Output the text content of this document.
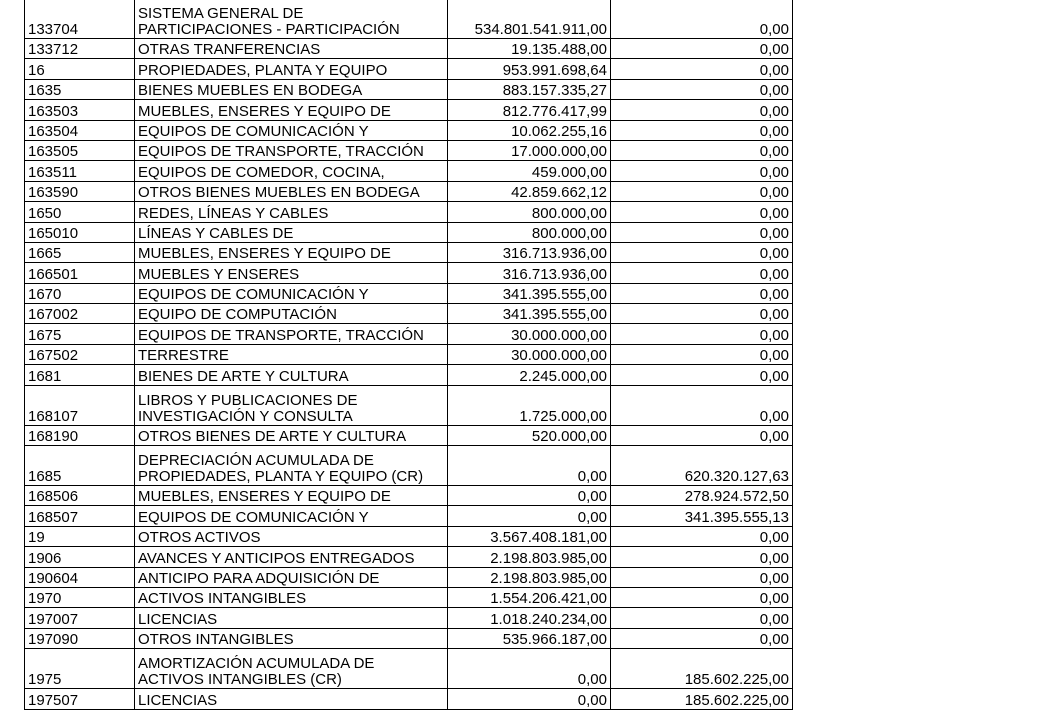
133704	SISTEMA GENERAL DE
PARTICIPACIONES - PARTICIPACIÓN	534.801.541.911,00	0,00
133712	OTRAS TRANFERENCIAS	19.135.488,00	0,00
16	PROPIEDADES, PLANTA Y EQUIPO	953.991.698,64	0,00
1635	BIENES MUEBLES EN BODEGA	883.157.335,27	0,00
163503	MUEBLES, ENSERES Y EQUIPO DE	812.776.417,99	0,00
163504	EQUIPOS DE COMUNICACIÓN Y	10.062.255,16	0,00
163505	EQUIPOS DE TRANSPORTE, TRACCIÓN	17.000.000,00	0,00
163511	EQUIPOS DE COMEDOR, COCINA,	459.000,00	0,00
163590	OTROS BIENES MUEBLES EN BODEGA	42.859.662,12	0,00
1650	REDES, LÍNEAS Y CABLES	800.000,00	0,00
165010	LÍNEAS Y CABLES DE	800.000,00	0,00
1665	MUEBLES, ENSERES Y EQUIPO DE	316.713.936,00	0,00
166501	MUEBLES Y ENSERES	316.713.936,00	0,00
1670	EQUIPOS DE COMUNICACIÓN Y	341.395.555,00	0,00
167002	EQUIPO DE COMPUTACIÓN	341.395.555,00	0,00
1675	EQUIPOS DE TRANSPORTE, TRACCIÓN	30.000.000,00	0,00
167502	TERRESTRE	30.000.000,00	0,00
1681	BIENES DE ARTE Y CULTURA	2.245.000,00	0,00
168107	LIBROS Y PUBLICACIONES DE
INVESTIGACIÓN Y CONSULTA	1.725.000,00	0,00
168190	OTROS BIENES DE ARTE Y CULTURA	520.000,00	0,00
1685	DEPRECIACIÓN ACUMULADA DE
PROPIEDADES, PLANTA Y EQUIPO (CR)	0,00	620.320.127,63
168506	MUEBLES, ENSERES Y EQUIPO DE	0,00	278.924.572,50
168507	EQUIPOS DE COMUNICACIÓN Y	0,00	341.395.555,13
19	OTROS ACTIVOS	3.567.408.181,00	0,00
1906	AVANCES Y ANTICIPOS ENTREGADOS	2.198.803.985,00	0,00
190604	ANTICIPO PARA ADQUISICIÓN DE	2.198.803.985,00	0,00
1970	ACTIVOS INTANGIBLES	1.554.206.421,00	0,00
197007	LICENCIAS	1.018.240.234,00	0,00
197090	OTROS INTANGIBLES	535.966.187,00	0,00
1975	AMORTIZACIÓN ACUMULADA DE
ACTIVOS INTANGIBLES (CR)	0,00	185.602.225,00
197507	LICENCIAS	0,00	185.602.225,00
